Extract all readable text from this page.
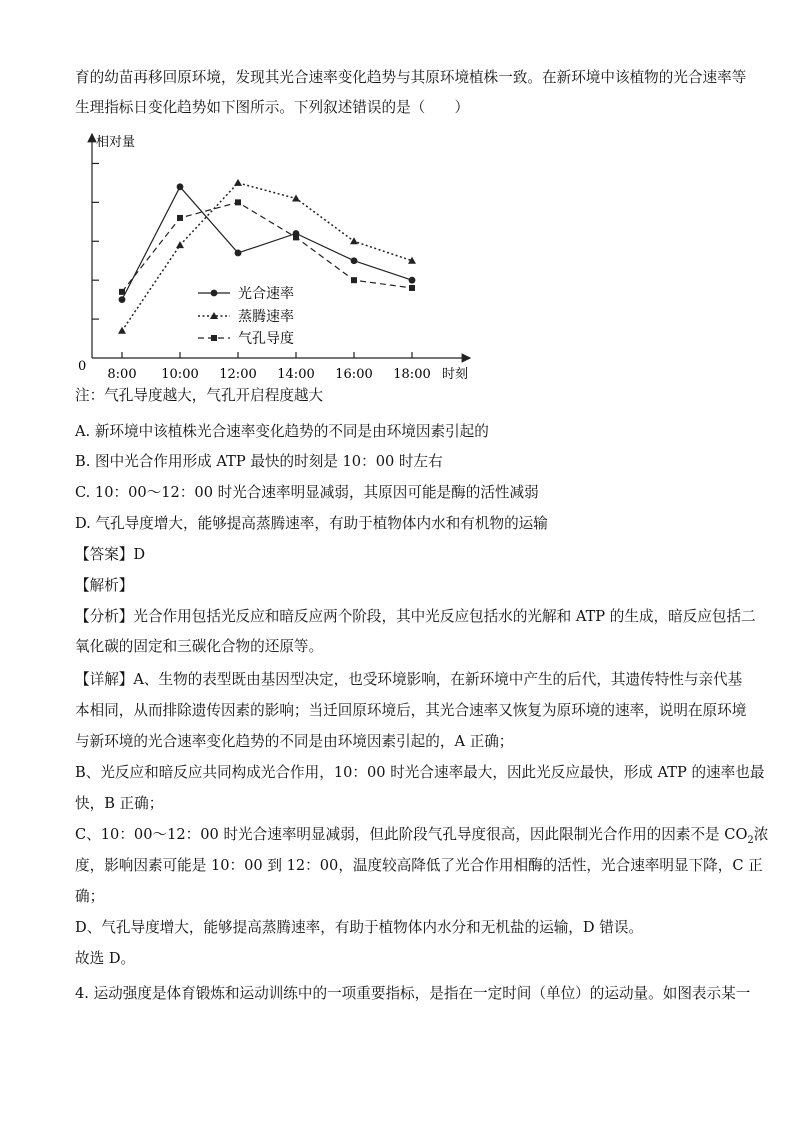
育的幼苗再移回原环境，发现其光合速率变化趋势与其原环境植株一致。在新环境中该植物的光合速率等
生理指标日变化趋势如下图所示。下列叙述错误的是（　　）
相对量
时刻
0
8:00 10:00 12:00 14:00 16:00 18:00
光合速率
蒸腾速率
气孔导度
注：气孔导度越大，气孔开启程度越大
A. 新环境中该植株光合速率变化趋势的不同是由环境因素引起的
B. 图中光合作用形成 ATP 最快的时刻是 10：00 时左右
C. 10：00～12：00 时光合速率明显减弱，其原因可能是酶的活性减弱
D. 气孔导度增大，能够提高蒸腾速率，有助于植物体内水和有机物的运输
【答案】D
【解析】
【分析】光合作用包括光反应和暗反应两个阶段，其中光反应包括水的光解和 ATP 的生成，暗反应包括二
氧化碳的固定和三碳化合物的还原等。
【详解】A、生物的表型既由基因型决定，也受环境影响，在新环境中产生的后代，其遗传特性与亲代基
本相同，从而排除遗传因素的影响；当迁回原环境后，其光合速率又恢复为原环境的速率，说明在原环境
与新环境的光合速率变化趋势的不同是由环境因素引起的，A 正确；
B、光反应和暗反应共同构成光合作用，10：00 时光合速率最大，因此光反应最快，形成 ATP 的速率也最
快，B 正确；
C、10：00～12：00 时光合速率明显减弱，但此阶段气孔导度很高，因此限制光合作用的因素不是 $CO_2$浓
度，影响因素可能是 10：00 到 12：00，温度较高降低了光合作用相酶的活性，光合速率明显下降，C 正
确；
D、气孔导度增大，能够提高蒸腾速率，有助于植物体内水分和无机盐的运输，D 错误。
故选 D。
4. 运动强度是体育锻炼和运动训练中的一项重要指标，是指在一定时间（单位）的运动量。如图表示某一
